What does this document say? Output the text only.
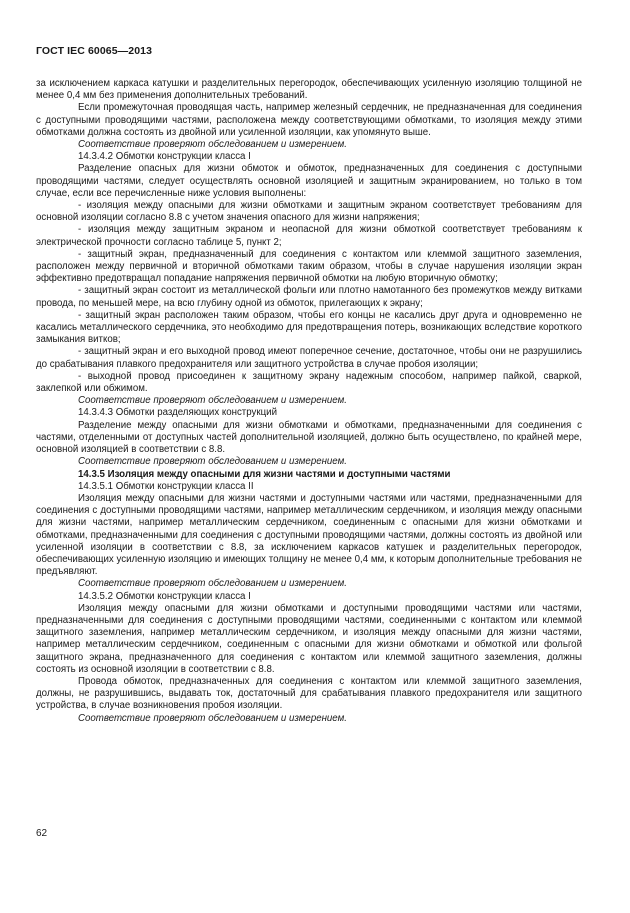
ГОСТ IEC 60065—2013

за исключением каркаса катушки и разделительных перегородок, обеспечивающих усиленную изоляцию толщиной не менее 0,4 мм без применения дополнительных требований.

Если промежуточная проводящая часть, например железный сердечник, не предназначенная для соединения с доступными проводящими частями, расположена между соответствующими обмотками, то изоляция между этими обмотками должна состоять из двойной или усиленной изоляции, как упомянуто выше.

Соответствие проверяют обследованием и измерением.

14.3.4.2 Обмотки конструкции класса I

Разделение опасных для жизни обмоток и обмоток, предназначенных для соединения с доступными проводящими частями, следует осуществлять основной изоляцией и защитным экранированием, но только в том случае, если все перечисленные ниже условия выполнены:

- изоляция между опасными для жизни обмотками и защитным экраном соответствует требованиям для основной изоляции согласно 8.8 с учетом значения опасного для жизни напряжения;

- изоляция между защитным экраном и неопасной для жизни обмоткой соответствует требованиям к электрической прочности согласно таблице 5, пункт 2;

- защитный экран, предназначенный для соединения с контактом или клеммой защитного заземления, расположен между первичной и вторичной обмотками таким образом, чтобы в случае нарушения изоляции экран эффективно предотвращал попадание напряжения первичной обмотки на любую вторичную обмотку;

- защитный экран состоит из металлической фольги или плотно намотанного без промежутков между витками провода, по меньшей мере, на всю глубину одной из обмоток, прилегающих к экрану;

- защитный экран расположен таким образом, чтобы его концы не касались друг друга и одновременно не касались металлического сердечника, это необходимо для предотвращения потерь, возникающих вследствие короткого замыкания витков;

- защитный экран и его выходной провод имеют поперечное сечение, достаточное, чтобы они не разрушились до срабатывания плавкого предохранителя или защитного устройства в случае пробоя изоляции;

- выходной провод присоединен к защитному экрану надежным способом, например пайкой, сваркой, заклепкой или обжимом.

Соответствие проверяют обследованием и измерением.

14.3.4.3 Обмотки разделяющих конструкций

Разделение между опасными для жизни обмотками и обмотками, предназначенными для соединения с частями, отделенными от доступных частей дополнительной изоляцией, должно быть осуществлено, по крайней мере, основной изоляцией в соответствии с 8.8.

Соответствие проверяют обследованием и измерением.

14.3.5 Изоляция между опасными для жизни частями и доступными частями

14.3.5.1 Обмотки конструкции класса II

Изоляция между опасными для жизни частями и доступными частями или частями, предназначенными для соединения с доступными проводящими частями, например металлическим сердечником, и изоляция между опасными для жизни частями, например металлическим сердечником, соединенным с опасными для жизни обмотками и обмотками, предназначенными для соединения с доступными проводящими частями, должны состоять из двойной или усиленной изоляции в соответствии с 8.8, за исключением каркасов катушек и разделительных перегородок, обеспечивающих усиленную изоляцию и имеющих толщину не менее 0,4 мм, к которым дополнительные требования не предъявляют.

Соответствие проверяют обследованием и измерением.

14.3.5.2 Обмотки конструкции класса I

Изоляция между опасными для жизни обмотками и доступными проводящими частями или частями, предназначенными для соединения с доступными проводящими частями, соединенными с контактом или клеммой защитного заземления, например металлическим сердечником, и изоляция между опасными для жизни частями, например металлическим сердечником, соединенным с опасными для жизни обмотками и обмоткой или фольгой защитного экрана, предназначенного для соединения с контактом или клеммой защитного заземления, должны состоять из основной изоляции в соответствии с 8.8.

Провода обмоток, предназначенных для соединения с контактом или клеммой защитного заземления, должны, не разрушившись, выдавать ток, достаточный для срабатывания плавкого предохранителя или защитного устройства, в случае возникновения пробоя изоляции.

Соответствие проверяют обследованием и измерением.

62
